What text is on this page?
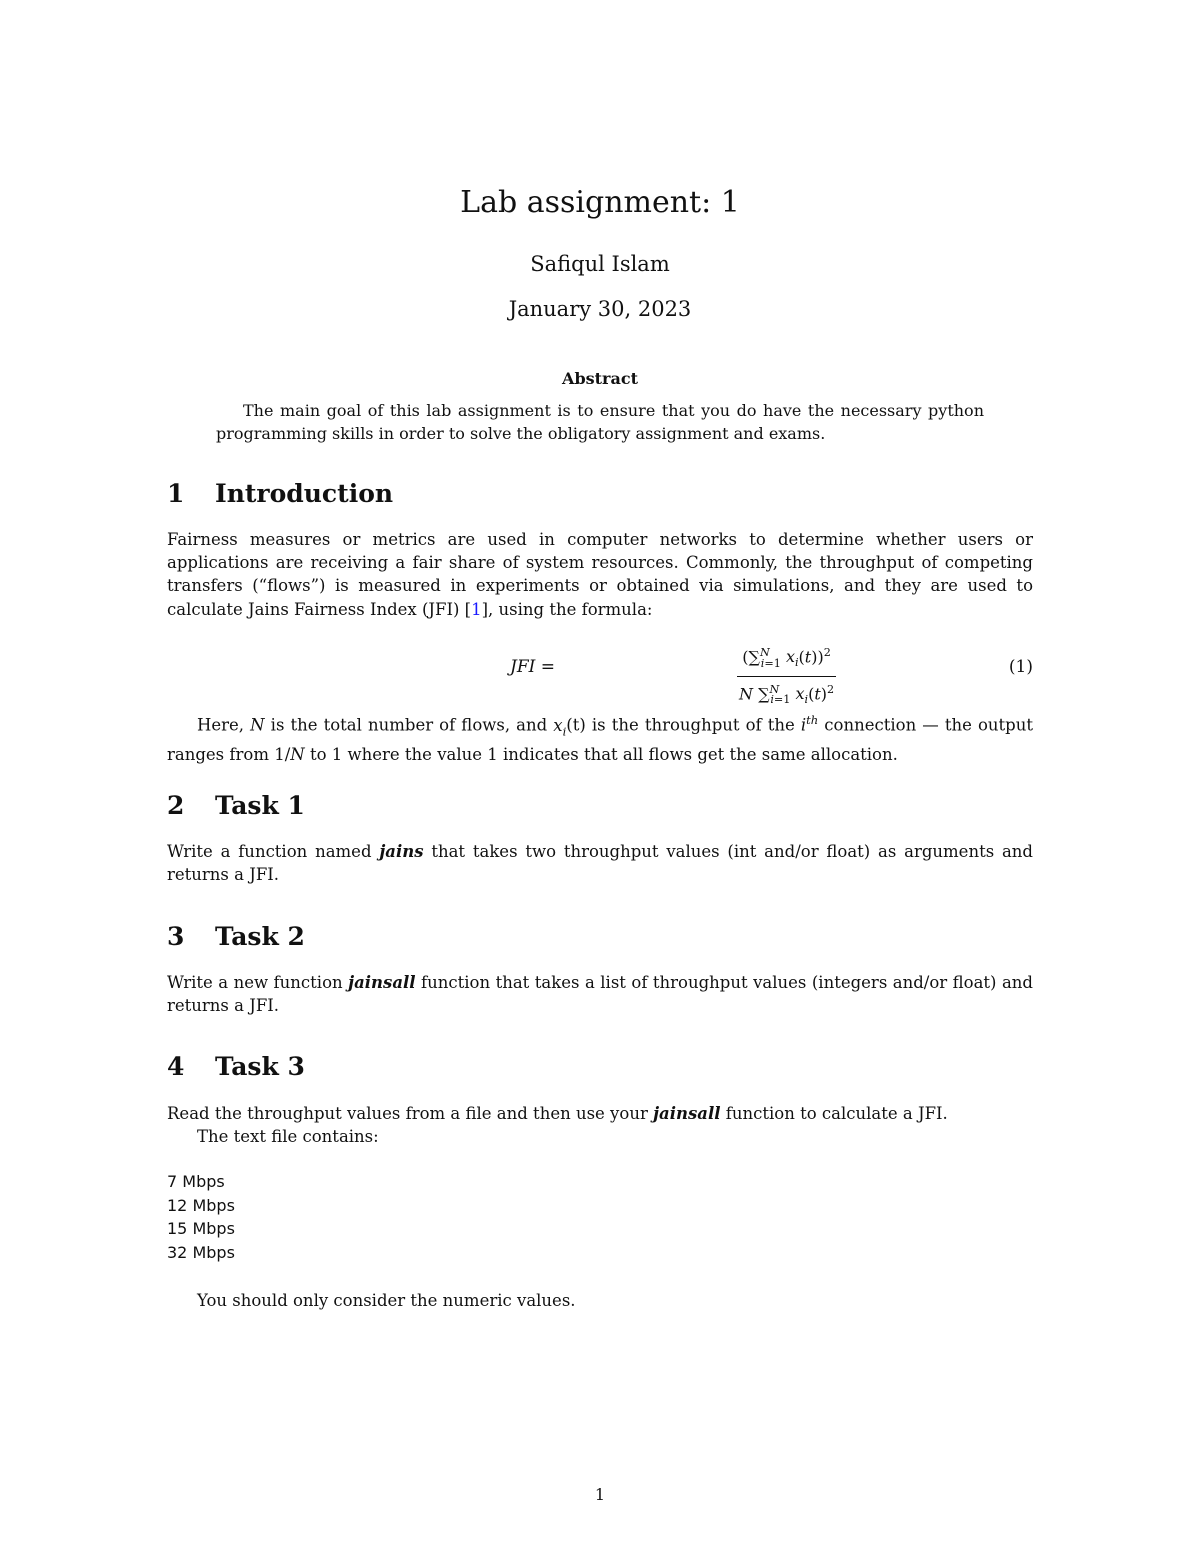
Lab assignment: 1
Safiqul Islam
January 30, 2023
Abstract
The main goal of this lab assignment is to ensure that you do have the necessary python programming skills in order to solve the obligatory assignment and exams.
1 Introduction
Fairness measures or metrics are used in computer networks to determine whether users or applications are receiving a fair share of system resources. Commonly, the throughput of competing transfers (“flows”) is measured in experiments or obtained via simulations, and they are used to calculate Jains Fairness Index (JFI) [1], using the formula:
JFI =	$\frac{(\sum^N_{i=1} x_i(t))^2}{N \sum^N_{i=1} x_i(t)^2}$	(1)
Here, N is the total number of flows, and $x_i(t)$ is the throughput of the $i^{th}$ connection — the output ranges from 1/N to 1 where the value 1 indicates that all flows get the same allocation.
2 Task 1
Write a function named jains that takes two throughput values (int and/or float) as arguments and returns a JFI.
3 Task 2
Write a new function jainsall function that takes a list of throughput values (integers and/or float) and returns a JFI.
4 Task 3
Read the throughput values from a file and then use your jainsall function to calculate a JFI.
The text file contains:
7 Mbps
12 Mbps
15 Mbps
32 Mbps
You should only consider the numeric values.
1
